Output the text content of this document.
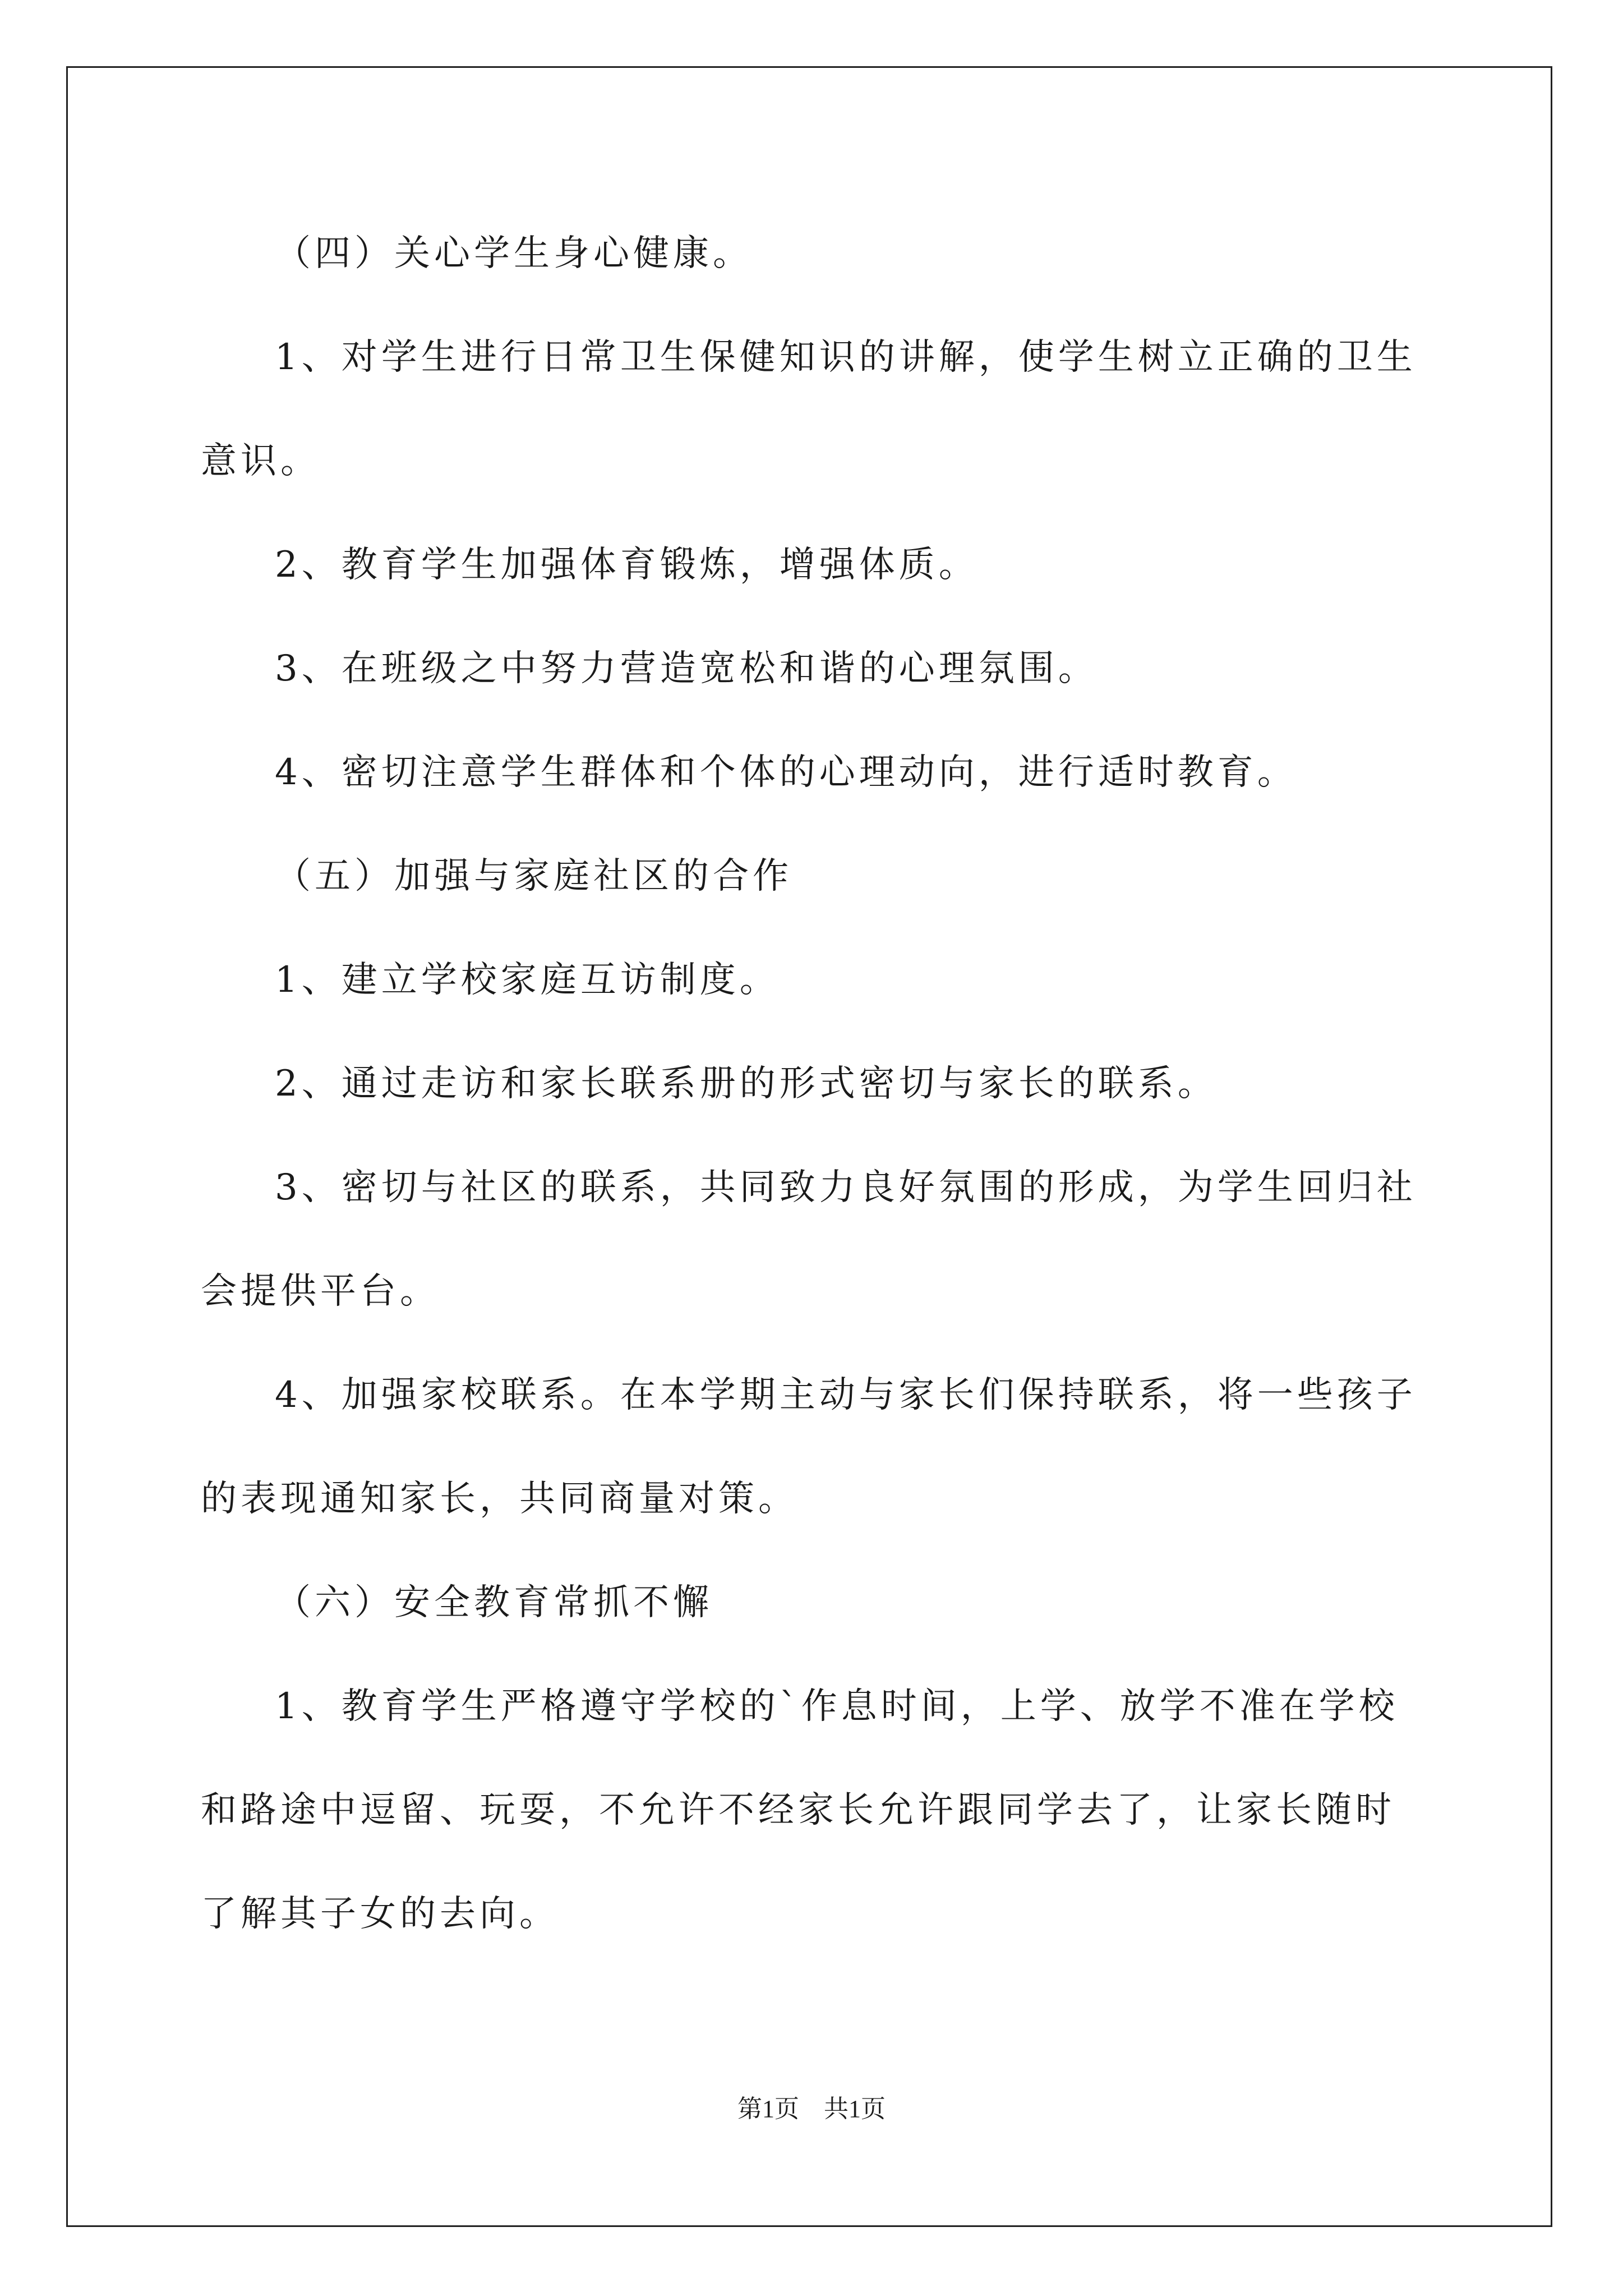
（四）关心学生身心健康。
1、对学生进行日常卫生保健知识的讲解，使学生树立正确的卫生
意识。
2、教育学生加强体育锻炼，增强体质。
3、在班级之中努力营造宽松和谐的心理氛围。
4、密切注意学生群体和个体的心理动向，进行适时教育。
（五）加强与家庭社区的合作
1、建立学校家庭互访制度。
2、通过走访和家长联系册的形式密切与家长的联系。
3、密切与社区的联系，共同致力良好氛围的形成，为学生回归社
会提供平台。
4、加强家校联系。在本学期主动与家长们保持联系，将一些孩子
的表现通知家长，共同商量对策。
（六）安全教育常抓不懈
1、教育学生严格遵守学校的`作息时间，上学、放学不准在学校
和路途中逗留、玩耍，不允许不经家长允许跟同学去了，让家长随时
了解其子女的去向。
第1页　共1页
